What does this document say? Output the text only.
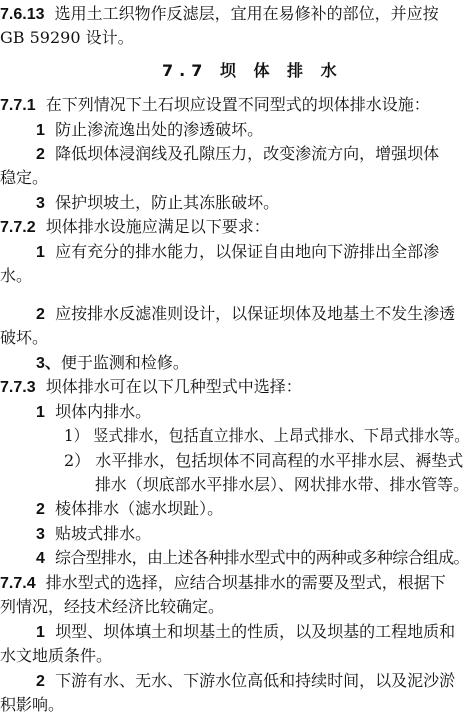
7.6.13 选用土工织物作反滤层，宜用在易修补的部位，并应按
GB 59290 设计。
7.7 坝 体 排 水
7.7.1 在下列情况下土石坝应设置不同型式的坝体排水设施：
1 防止渗流逸出处的渗透破坏。
2 降低坝体浸润线及孔隙压力，改变渗流方向，增强坝体
稳定。
3 保护坝坡土，防止其冻胀破坏。
7.7.2 坝体排水设施应满足以下要求：
1 应有充分的排水能力，以保证自由地向下游排出全部渗
水。
2 应按排水反滤准则设计，以保证坝体及地基土不发生渗透
破坏。
3、便于监测和检修。
7.7.3 坝体排水可在以下几种型式中选择：
1 坝体内排水。
1） 竖式排水，包括直立排水、上昂式排水、下昂式排水等。
2） 水平排水，包括坝体不同高程的水平排水层、褥垫式
排水（坝底部水平排水层）、网状排水带、排水管等。
2 棱体排水（滤水坝趾）。
3 贴坡式排水。
4 综合型排水，由上述各种排水型式中的两种或多种综合组成。
7.7.4 排水型式的选择，应结合坝基排水的需要及型式，根据下
列情况，经技术经济比较确定。
1 坝型、坝体填土和坝基土的性质，以及坝基的工程地质和
水文地质条件。
2 下游有水、无水、下游水位高低和持续时间，以及泥沙淤
积影响。
